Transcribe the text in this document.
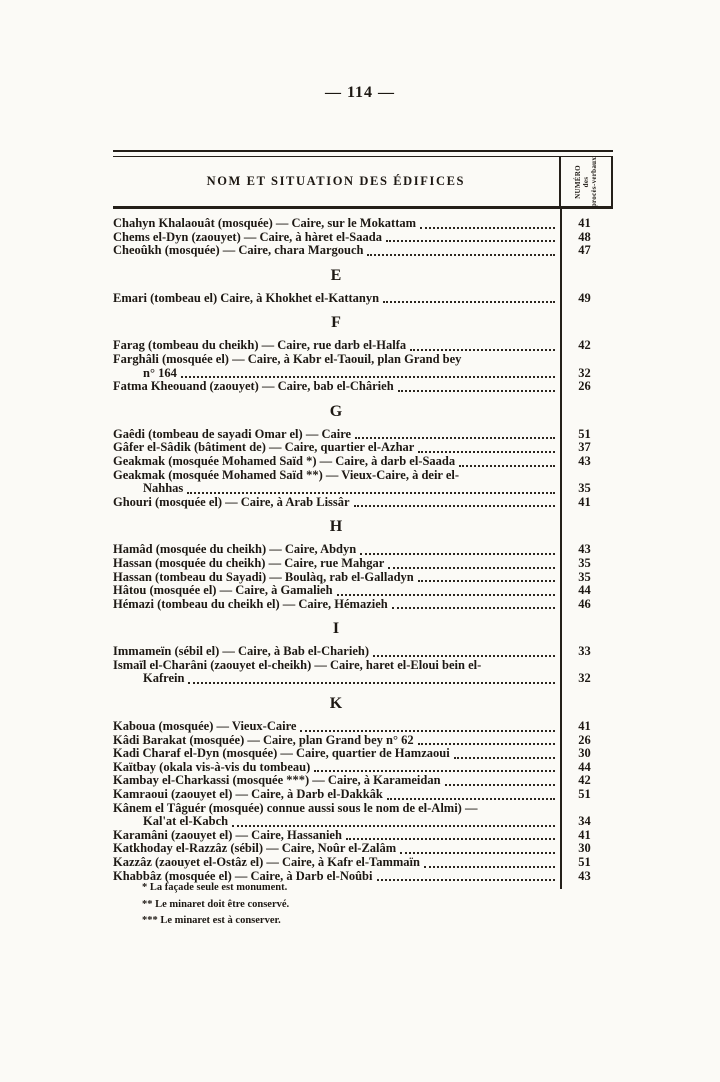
— 114 —
NOM ET SITUATION DES ÉDIFICES	NUMÉRO des procès-verbaux
Chahyn Khalaouât (mosquée) — Caire, sur le Mokattam	41
Chems el-Dyn (zaouyet) — Caire, à hàret el-Saada	48
Cheoûkh (mosquée) — Caire, chara Margouch	47
E
Emari (tombeau el) Caire, à Khokhet el-Kattanyn	49
F
Farag (tombeau du cheikh) — Caire, rue darb el-Halfa	42
Farghâli (mosquée el) — Caire, à Kabr el-Taouil, plan Grand bey
n° 164	32
Fatma Kheouand (zaouyet) — Caire, bab el-Chârieh	26
G
Gaêdi (tombeau de sayadi Omar el) — Caire	51
Gâfer el-Sâdik (bâtiment de) — Caire, quartier el-Azhar	37
Geakmak (mosquée Mohamed Saïd *) — Caire, à darb el-Saada	43
Geakmak (mosquée Mohamed Saïd **) — Vieux-Caire, à deir el-
Nahhas	35
Ghouri (mosquée el) — Caire, à Arab Lissâr	41
H
Hamâd (mosquée du cheikh) — Caire, Abdyn	43
Hassan (mosquée du cheikh) — Caire, rue Mahgar	35
Hassan (tombeau du Sayadi) — Boulàq, rab el-Galladyn	35
Hâtou (mosquée el) — Caire, à Gamalieh	44
Hémazi (tombeau du cheikh el) — Caire, Hémazieh	46
I
Immameïn (sébil el) — Caire, à Bab el-Charieh)	33
Ismaïl el-Charâni (zaouyet el-cheikh) — Caire, haret el-Eloui bein el-
Kafrein	32
K
Kaboua (mosquée) — Vieux-Caire	41
Kâdi Barakat (mosquée) — Caire, plan Grand bey n° 62	26
Kadi Charaf el-Dyn (mosquée) — Caire, quartier de Hamzaoui	30
Kaïtbay (okala vis-à-vis du tombeau)	44
Kambay el-Charkassi (mosquée ***) — Caire, à Karameidan	42
Kamraoui (zaouyet el) — Caire, à Darb el-Dakkâk	51
Kânem el Tâguér (mosquée) connue aussi sous le nom de el-Almi) —
Kal'at el-Kabch	34
Karamâni (zaouyet el) — Caire, Hassanieh	41
Katkhoday el-Razzâz (sébil) — Caire, Noûr el-Zalâm	30
Kazzâz (zaouyet el-Ostâz el) — Caire, à Kafr el-Tammaïn	51
Khabbâz (mosquée el) — Caire, à Darb el-Noûbi	43
* La façade seule est monument.
** Le minaret doit être conservé.
*** Le minaret est à conserver.
